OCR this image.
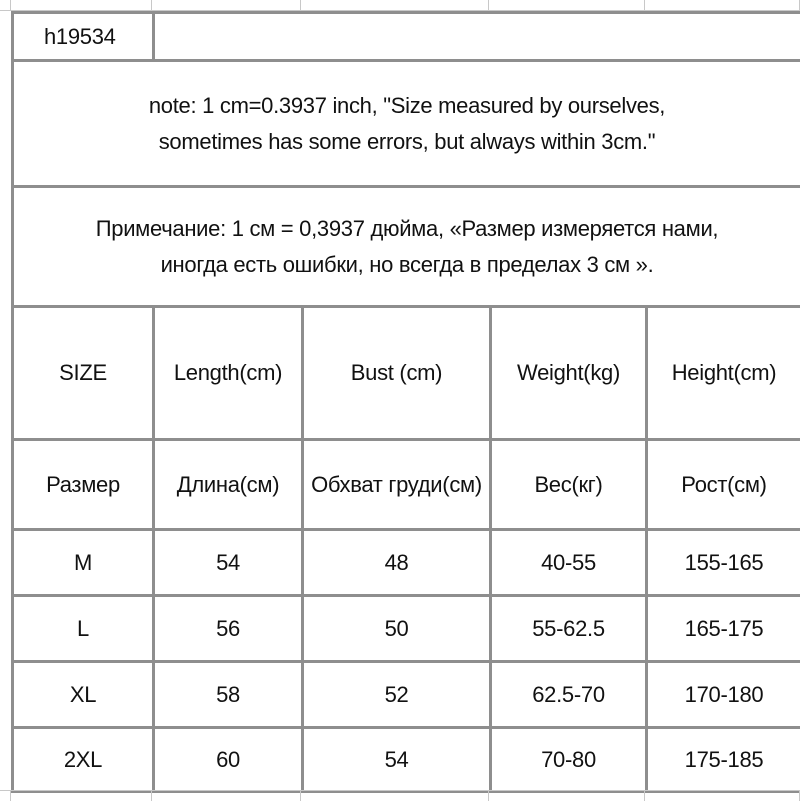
h19534				

note: 1 cm=0.3937 inch, "Size measured by ourselves,
sometimes has some errors, but always within 3cm."				

Примечание: 1 см = 0,3937 дюйма, «Размер измеряется нами,
иногда есть ошибки, но всегда в пределах 3 см ».				

SIZE	Length(cm)	Bust (cm)	Weight(kg)	Height(cm)
Размер	Длина(см)	Обхват груди(см)	Вес(кг)	Рост(см)
M	54	48	40-55	155-165
L	56	50	55-62.5	165-175
XL	58	52	62.5-70	170-180
2XL	60	54	70-80	175-185
